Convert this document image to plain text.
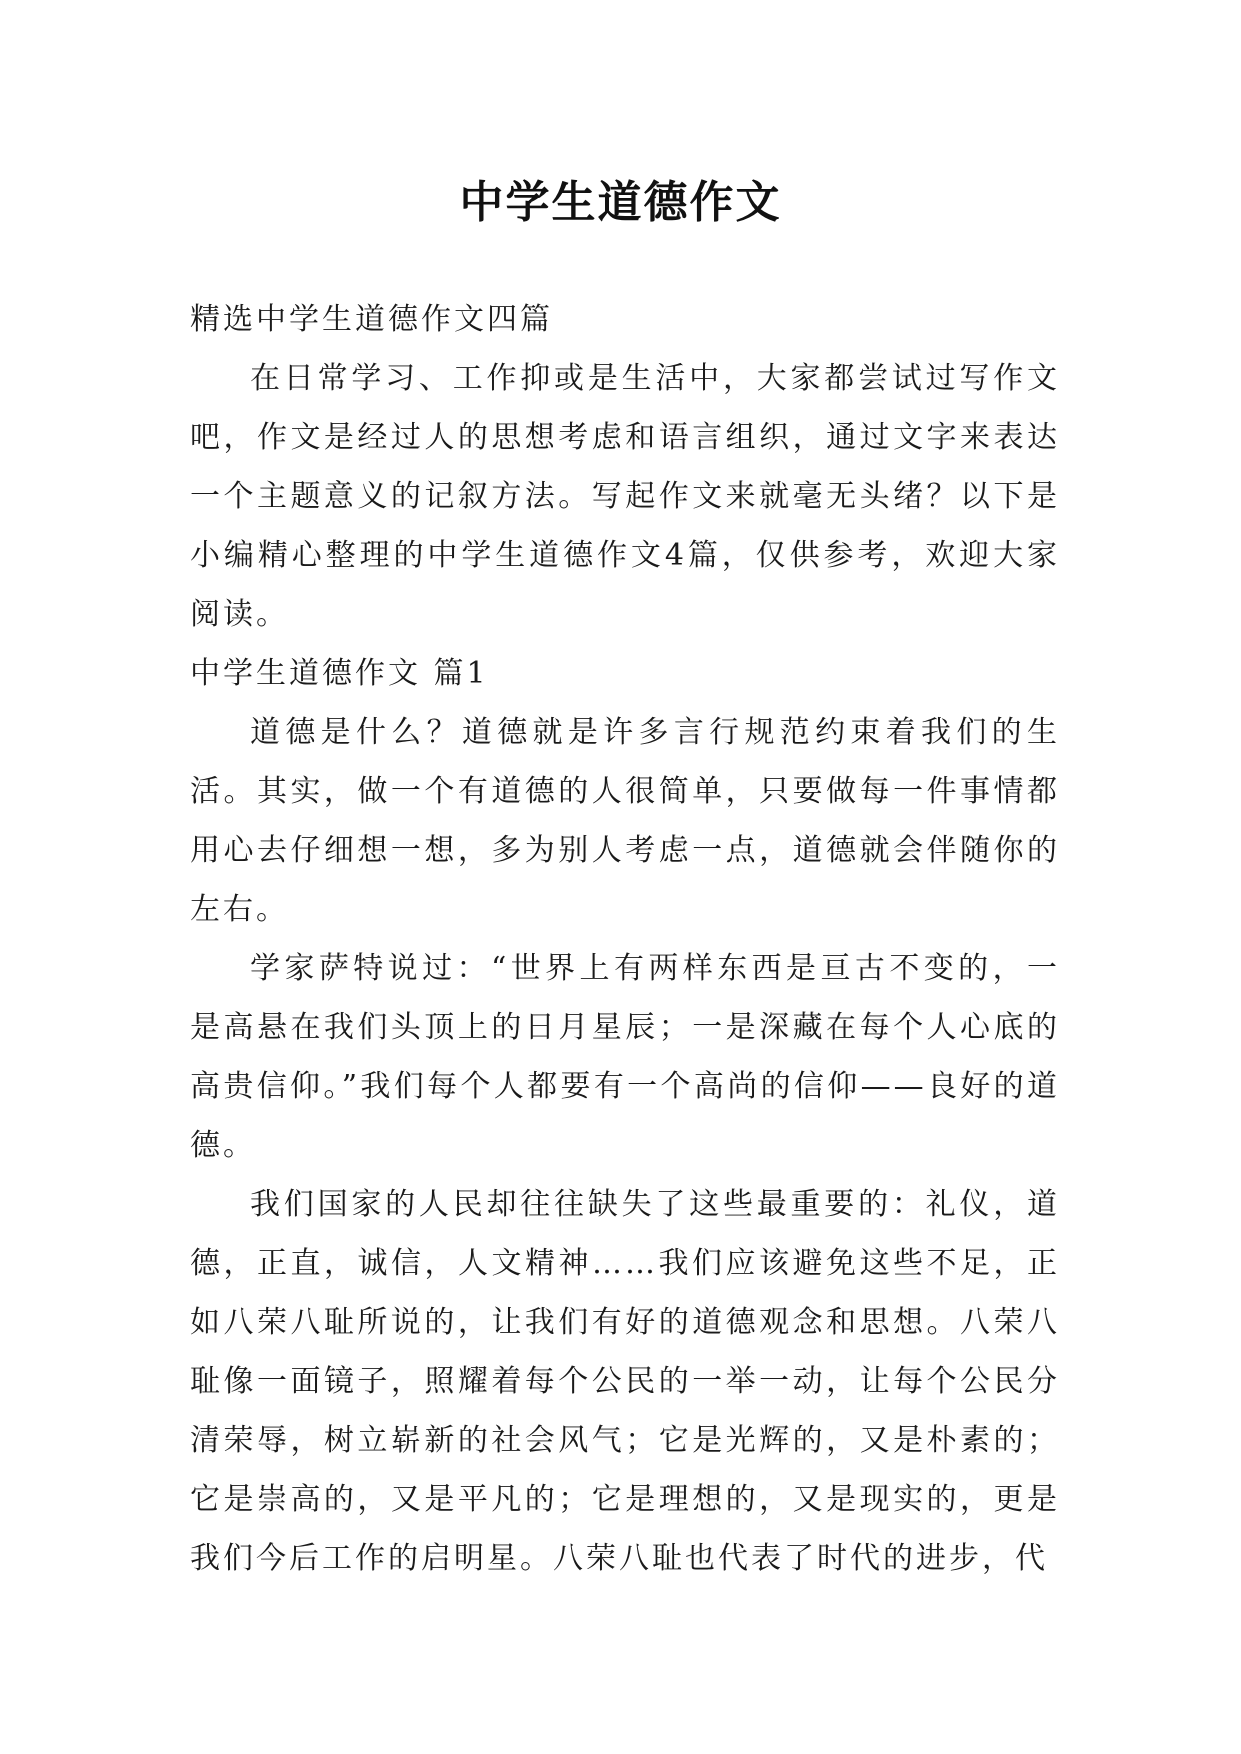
中学生道德作文

精选中学生道德作文四篇

在日常学习、工作抑或是生活中，大家都尝试过写作文吧，作文是经过人的思想考虑和语言组织，通过文字来表达一个主题意义的记叙方法。写起作文来就毫无头绪？以下是小编精心整理的中学生道德作文4篇，仅供参考，欢迎大家阅读。

中学生道德作文 篇1

道德是什么？道德就是许多言行规范约束着我们的生活。其实，做一个有道德的人很简单，只要做每一件事情都用心去仔细想一想，多为别人考虑一点，道德就会伴随你的左右。

学家萨特说过：“世界上有两样东西是亘古不变的，一是高悬在我们头顶上的日月星辰；一是深藏在每个人心底的高贵信仰。”我们每个人都要有一个高尚的信仰——良好的道德。

我们国家的人民却往往缺失了这些最重要的：礼仪，道德，正直，诚信，人文精神……我们应该避免这些不足，正如八荣八耻所说的，让我们有好的道德观念和思想。八荣八耻像一面镜子，照耀着每个公民的一举一动，让每个公民分清荣辱，树立崭新的社会风气；它是光辉的，又是朴素的；它是崇高的，又是平凡的；它是理想的，又是现实的，更是我们今后工作的启明星。八荣八耻也代表了时代的进步，代
